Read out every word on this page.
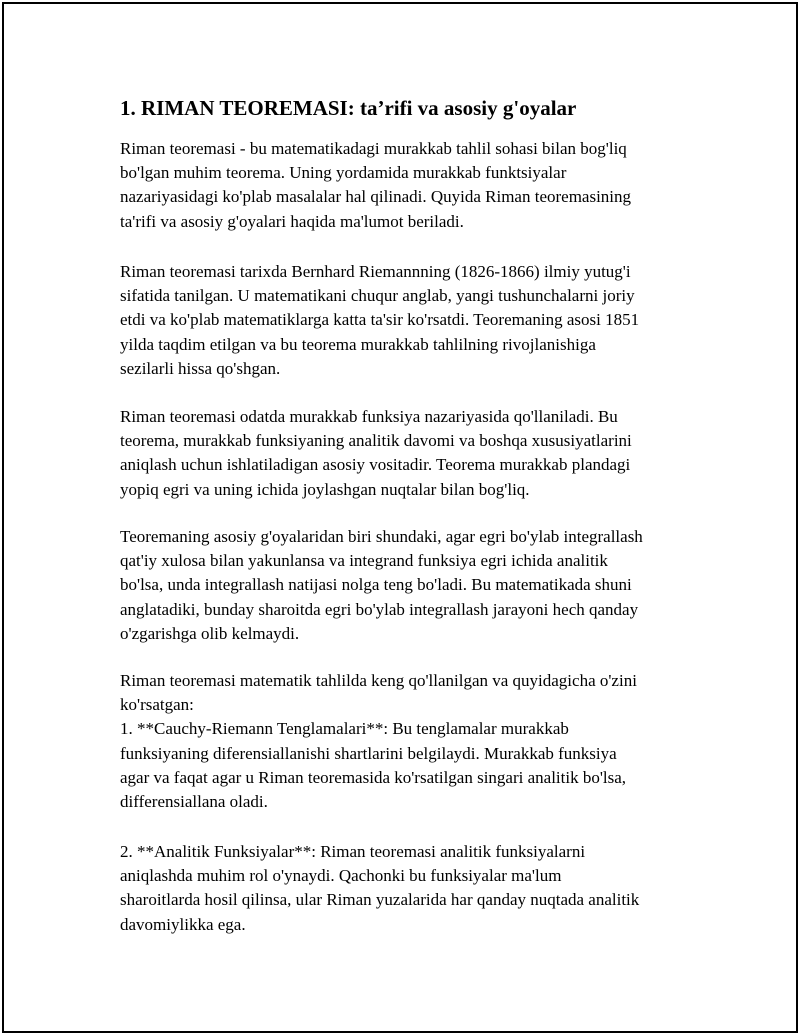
1. RIMAN TEOREMASI: ta’rifi va asosiy g'oyalar

Riman teoremasi - bu matematikadagi murakkab tahlil sohasi bilan bog'liq
bo'lgan muhim teorema. Uning yordamida murakkab funktsiyalar
nazariyasidagi ko'plab masalalar hal qilinadi. Quyida Riman teoremasining
ta'rifi va asosiy g'oyalari haqida ma'lumot beriladi.

Riman teoremasi tarixda Bernhard Riemannning (1826-1866) ilmiy yutug'i
sifatida tanilgan. U matematikani chuqur anglab, yangi tushunchalarni joriy
etdi va ko'plab matematiklarga katta ta'sir ko'rsatdi. Teoremaning asosi 1851
yilda taqdim etilgan va bu teorema murakkab tahlilning rivojlanishiga
sezilarli hissa qo'shgan.

Riman teoremasi odatda murakkab funksiya nazariyasida qo'llaniladi. Bu
teorema, murakkab funksiyaning analitik davomi va boshqa xususiyatlarini
aniqlash uchun ishlatiladigan asosiy vositadir. Teorema murakkab plandagi
yopiq egri va uning ichida joylashgan nuqtalar bilan bog'liq.

Teoremaning asosiy g'oyalaridan biri shundaki, agar egri bo'ylab integrallash
qat'iy xulosa bilan yakunlansa va integrand funksiya egri ichida analitik
bo'lsa, unda integrallash natijasi nolga teng bo'ladi. Bu matematikada shuni
anglatadiki, bunday sharoitda egri bo'ylab integrallash jarayoni hech qanday
o'zgarishga olib kelmaydi.

Riman teoremasi matematik tahlilda keng qo'llanilgan va quyidagicha o'zini
ko'rsatgan:
1. **Cauchy-Riemann Tenglamalari**: Bu tenglamalar murakkab
funksiyaning diferensiallanishi shartlarini belgilaydi. Murakkab funksiya
agar va faqat agar u Riman teoremasida ko'rsatilgan singari analitik bo'lsa,
differensiallana oladi.

2. **Analitik Funksiyalar**: Riman teoremasi analitik funksiyalarni
aniqlashda muhim rol o'ynaydi. Qachonki bu funksiyalar ma'lum
sharoitlarda hosil qilinsa, ular Riman yuzalarida har qanday nuqtada analitik
davomiylikka ega.
